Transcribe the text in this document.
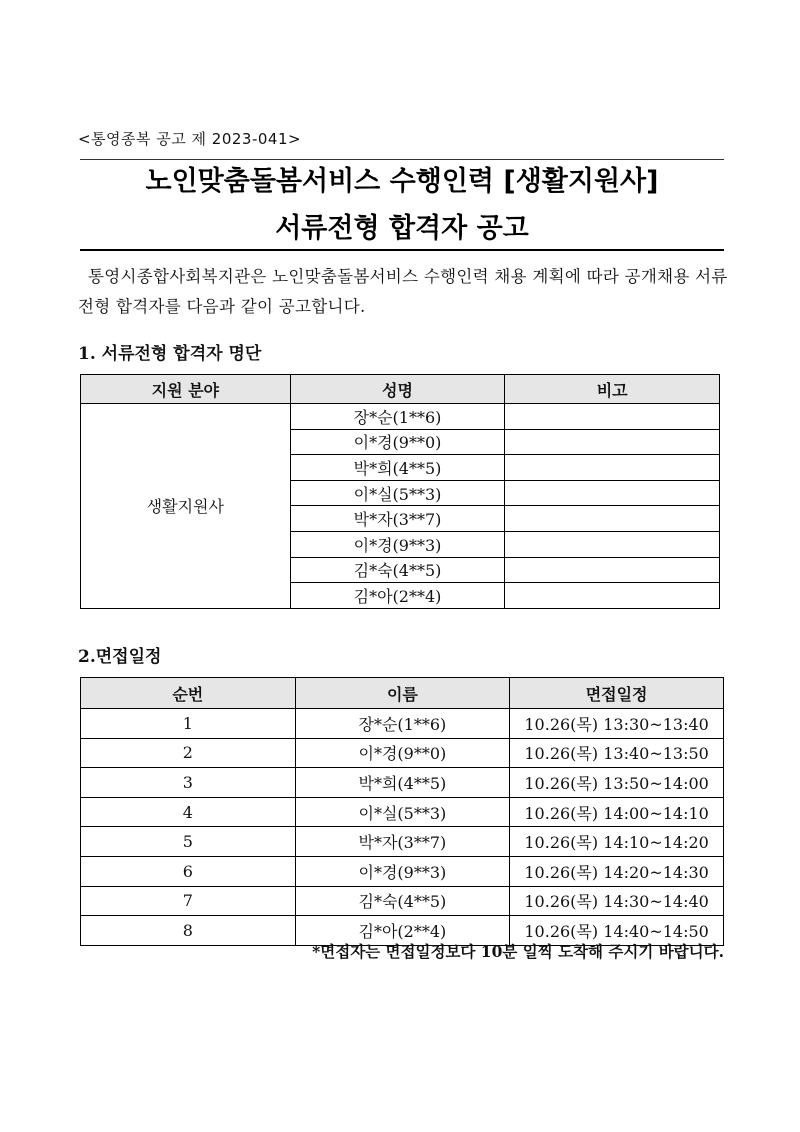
<통영종복 공고 제 2023-041>
노인맞춤돌봄서비스 수행인력 [생활지원사]
서류전형 합격자 공고
통영시종합사회복지관은 노인맞춤돌봄서비스 수행인력 채용 계획에 따라 공개채용 서류전형 합격자를 다음과 같이 공고합니다.
1. 서류전형 합격자 명단
지원 분야	성명	비고
생활지원사	장*순(1**6)	
	이*경(9**0)	
	박*희(4**5)	
	이*실(5**3)	
	박*자(3**7)	
	이*경(9**3)	
	김*숙(4**5)	
	김*아(2**4)	
2.면접일정
순번	이름	면접일정
1	장*순(1**6)	10.26(목) 13:30~13:40
2	이*경(9**0)	10.26(목) 13:40~13:50
3	박*희(4**5)	10.26(목) 13:50~14:00
4	이*실(5**3)	10.26(목) 14:00~14:10
5	박*자(3**7)	10.26(목) 14:10~14:20
6	이*경(9**3)	10.26(목) 14:20~14:30
7	김*숙(4**5)	10.26(목) 14:30~14:40
8	김*아(2**4)	10.26(목) 14:40~14:50
*면접자는 면접일정보다 10분 일찍 도착해 주시기 바랍니다.
